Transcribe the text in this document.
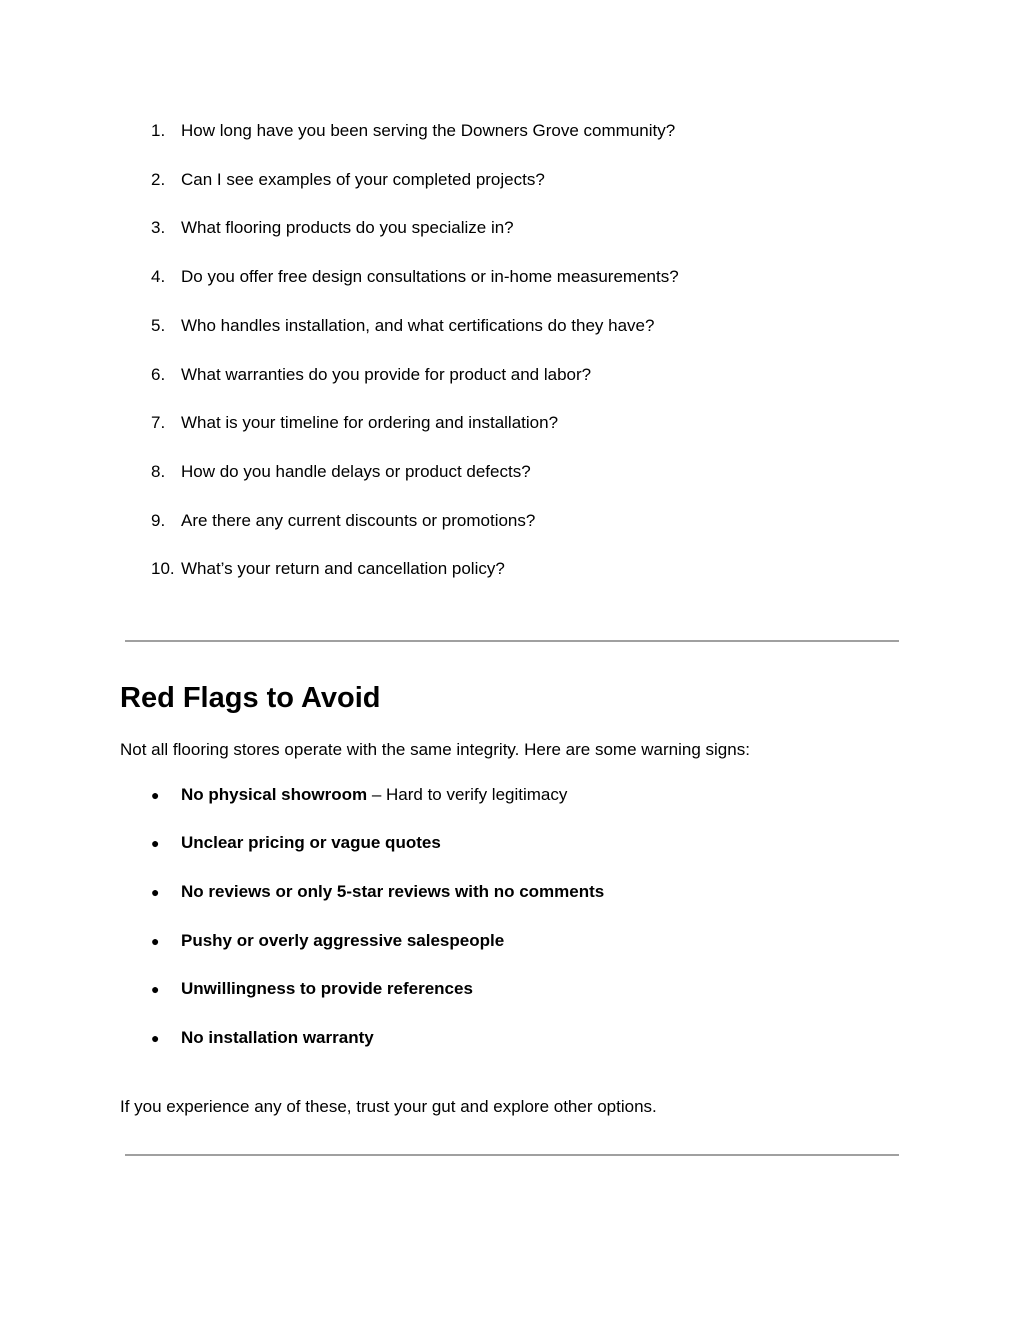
1. How long have you been serving the Downers Grove community?
2. Can I see examples of your completed projects?
3. What flooring products do you specialize in?
4. Do you offer free design consultations or in-home measurements?
5. Who handles installation, and what certifications do they have?
6. What warranties do you provide for product and labor?
7. What is your timeline for ordering and installation?
8. How do you handle delays or product defects?
9. Are there any current discounts or promotions?
10. What’s your return and cancellation policy?
Red Flags to Avoid

Not all flooring stores operate with the same integrity. Here are some warning signs:

● No physical showroom – Hard to verify legitimacy
● Unclear pricing or vague quotes
● No reviews or only 5-star reviews with no comments
● Pushy or overly aggressive salespeople
● Unwillingness to provide references
● No installation warranty

If you experience any of these, trust your gut and explore other options.
